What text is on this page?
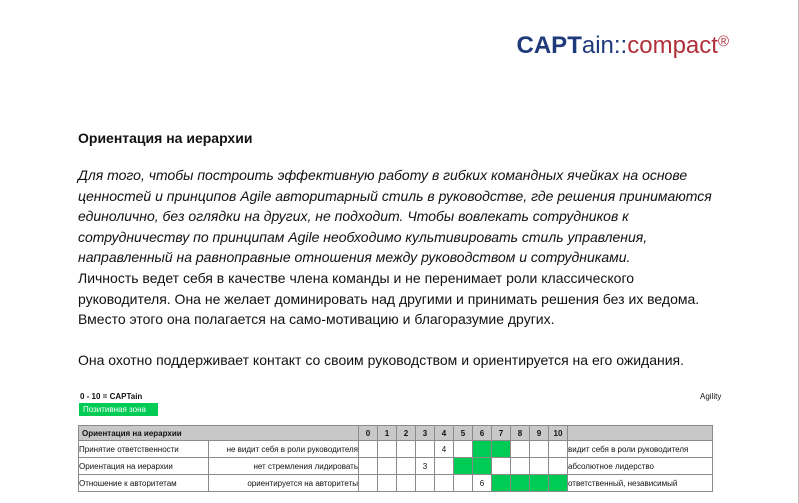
CAPTain::compact®
Ориентация на иерархии

Для того, чтобы построить эффективную работу в гибких командных ячейках на основе ценностей и принципов Agile авторитарный стиль в руководстве, где решения принимаются единолично, без оглядки на других, не подходит. Чтобы вовлекать сотрудников к сотрудничеству по принципам Agile необходимо культивировать стиль управления, направленный на равноправные отношения между руководством и сотрудниками.

Личность ведет себя в качестве члена команды и не перенимает роли классического руководителя. Она не желает доминировать над другими и принимать решения без их ведома. Вместо этого она полагается на само-мотивацию и благоразумие других.

Она охотно поддерживает контакт со своим руководством и ориентируется на его ожидания.

0 - 10 = CAPTain	Agility
Позитивная зона
Ориентация на иерархии		0	1	2	3	4	5	6	7	8	9	10	
Принятие ответственности	не видит себя в роли руководителя					4							видит себя в роли руководителя
Ориентация на иерархии	нет стремления лидировать				3								абсолютное лидерство
Отношение к авторитетам	ориентируется на авторитеты							6					ответственный, независимый
